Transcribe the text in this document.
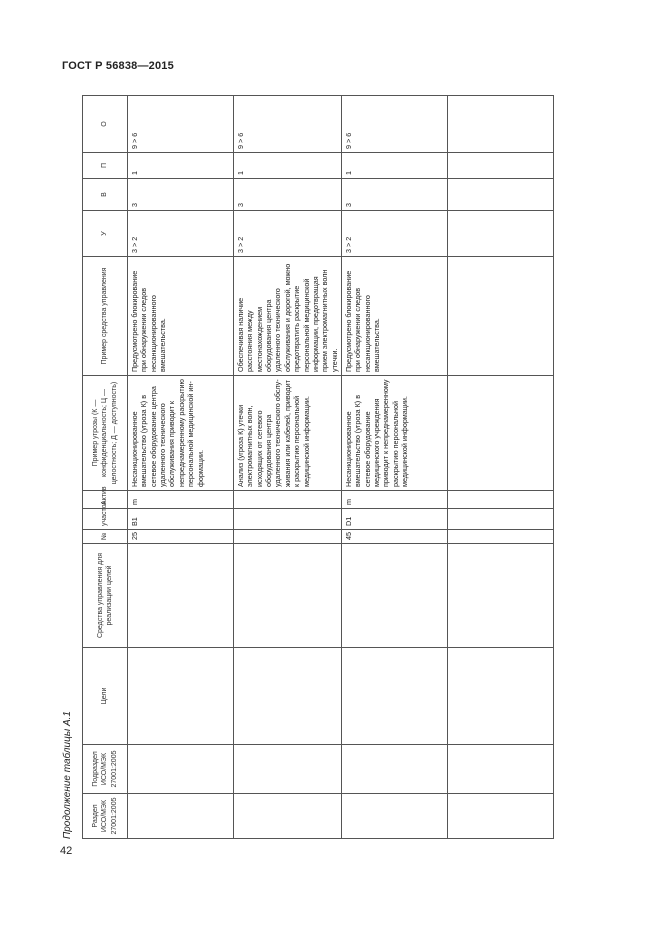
ГОСТ Р 56838—2015
Продолжение таблицы А.1	Раздел ИСО/МЭК 27001:2005	Подраздел ИСО/МЭК 27001:2005	Цели	Средства управления для реализации целей	№	участок	Актив	Пример угрозы (К — конфиденциальность; Ц — целостность; Д — доступность)	Пример средства управления	У	В	П	О
				25	B1	m	Несанкционированное вмешательство (угроза К) в сетевое оборудование центра удаленного технического обслуживания приводит к непреднамеренному раскрытию персональной медицинской информации.	Предусмотрено блокирование при обнаружении следов несанкционированного вмешательства.	3 > 2	3	1	9 > 6
							Анализ (угроза К) утечки электромагнитных волн, исходящих от сетевого оборудования центра удаленного технического обслуживания или кабелей, приводит к раскрытию персональной медицинской информации.	Обеспечивая наличие расстояния между местонахождением оборудования центра удаленного технического обслуживания и дорогой, можно предотвратить раскрытие персональной медицинской информации, предотвращая прием электромагнитных волн утечки.	3 > 2	3	1	9 > 6
				45	D1	m	Несанкционированное вмешательство (угроза К) в сетевое оборудование медицинского учреждения приводит к непреднамеренному раскрытию персональной медицинской информации.	Предусмотрено блокирование при обнаружении следов несанкционированного вмешательства.	3 > 2	3	1	9 > 6

42
